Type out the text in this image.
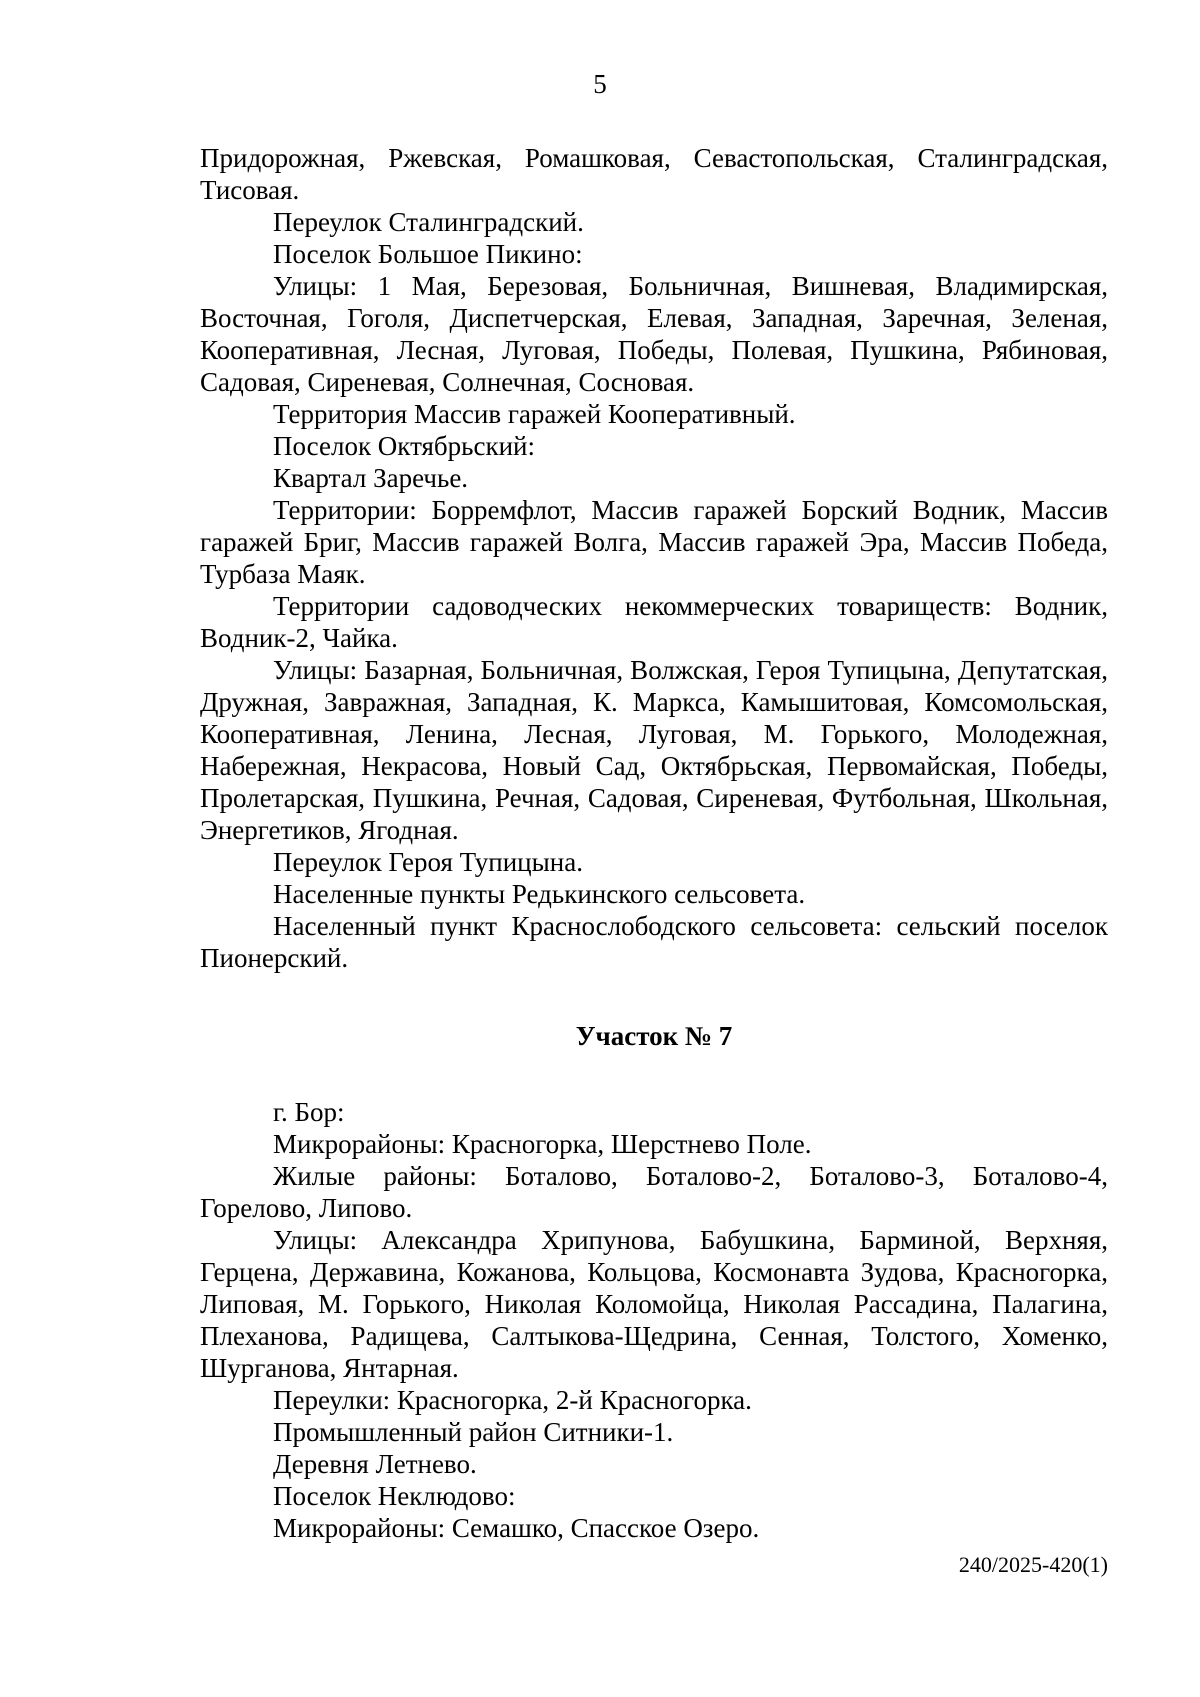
5

Придорожная, Ржевская, Ромашковая, Севастопольская, Сталинградская, Тисовая.

Переулок Сталинградский.

Поселок Большое Пикино:

Улицы: 1 Мая, Березовая, Больничная, Вишневая, Владимирская, Восточная, Гоголя, Диспетчерская, Елевая, Западная, Заречная, Зеленая, Кооперативная, Лесная, Луговая, Победы, Полевая, Пушкина, Рябиновая, Садовая, Сиреневая, Солнечная, Сосновая.

Территория Массив гаражей Кооперативный.

Поселок Октябрьский:

Квартал Заречье.

Территории: Борремфлот, Массив гаражей Борский Водник, Массив гаражей Бриг, Массив гаражей Волга, Массив гаражей Эра, Массив Победа, Турбаза Маяк.

Территории садоводческих некоммерческих товариществ: Водник, Водник-2, Чайка.

Улицы: Базарная, Больничная, Волжская, Героя Тупицына, Депутатская, Дружная, Завражная, Западная, К. Маркса, Камышитовая, Комсомольская, Кооперативная, Ленина, Лесная, Луговая, М. Горького, Молодежная, Набережная, Некрасова, Новый Сад, Октябрьская, Первомайская, Победы, Пролетарская, Пушкина, Речная, Садовая, Сиреневая, Футбольная, Школьная, Энергетиков, Ягодная.

Переулок Героя Тупицына.

Населенные пункты Редькинского сельсовета.

Населенный пункт Краснослободского сельсовета: сельский поселок Пионерский.

Участок № 7

г. Бор:

Микрорайоны: Красногорка, Шерстнево Поле.

Жилые районы: Боталово, Боталово-2, Боталово-3, Боталово-4, Горелово, Липово.

Улицы: Александра Хрипунова, Бабушкина, Барминой, Верхняя, Герцена, Державина, Кожанова, Кольцова, Космонавта Зудова, Красногорка, Липовая, М. Горького, Николая Коломойца, Николая Рассадина, Палагина, Плеханова, Радищева, Салтыкова-Щедрина, Сенная, Толстого, Хоменко, Шурганова, Янтарная.

Переулки: Красногорка, 2-й Красногорка.

Промышленный район Ситники-1.

Деревня Летнево.

Поселок Неклюдово:

Микрорайоны: Семашко, Спасское Озеро.

240/2025-420(1)
